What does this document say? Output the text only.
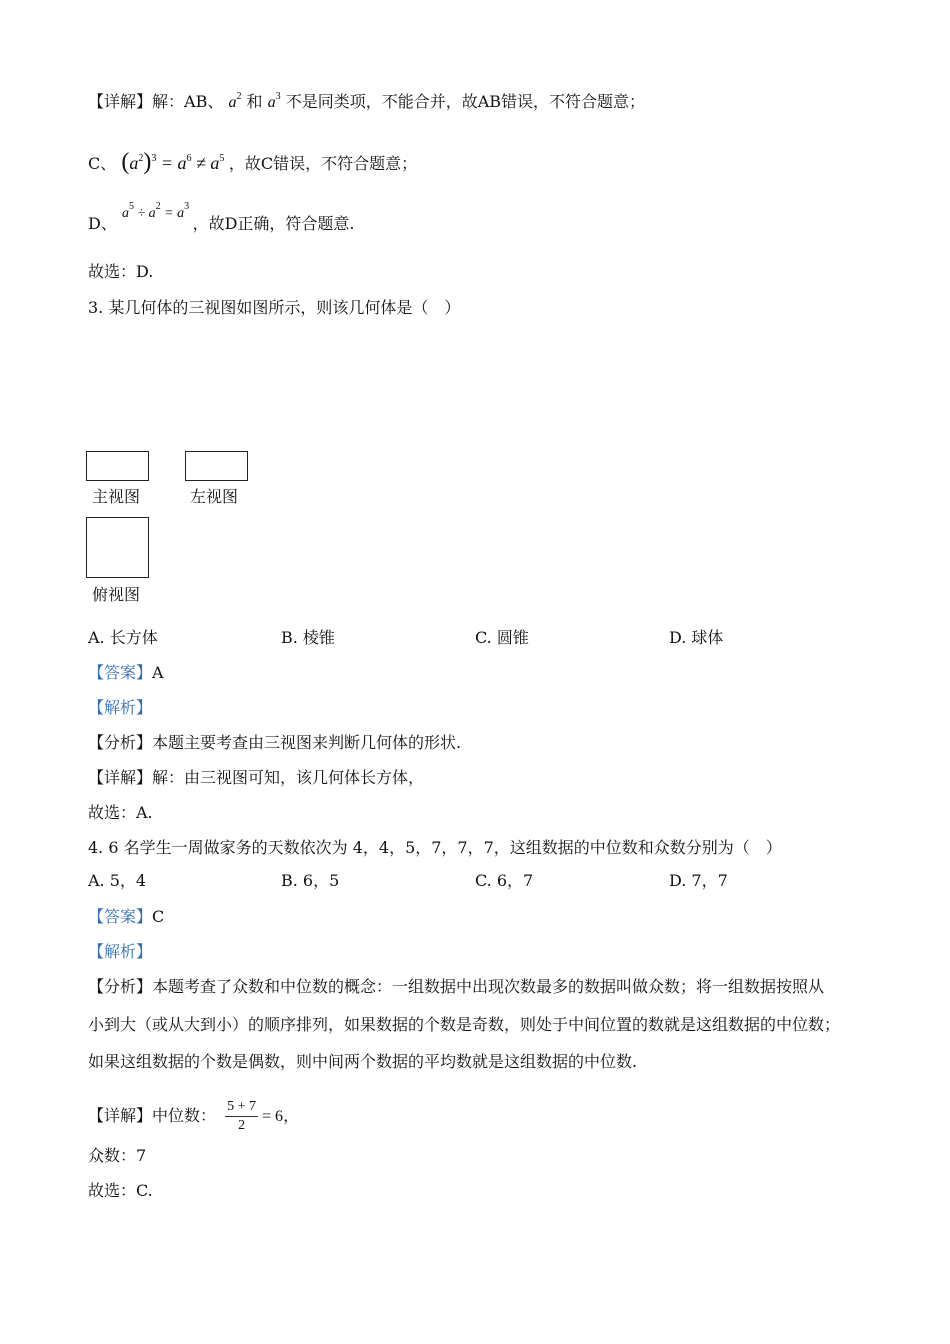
【详解】解：AB、 $a^2$ 和 $a^3$ 不是同类项，不能合并，故AB错误，不符合题意；
C、 $(a^2)^3 = a^6 \ne a^5$ ，故C错误，不符合题意；
D、 $a^5 \div a^2 = a^3$ ，故D正确，符合题意.
故选：D.
3. 某几何体的三视图如图所示，则该几何体是（　）
主视图	左视图
俯视图
A. 长方体	B. 棱锥	C. 圆锥	D. 球体
【答案】A
【解析】
【分析】本题主要考查由三视图来判断几何体的形状.
【详解】解：由三视图可知，该几何体长方体，
故选：A.
4. 6 名学生一周做家务的天数依次为 4，4，5，7，7，7，这组数据的中位数和众数分别为（　）
A. 5，4	B. 6，5	C. 6，7	D. 7，7
【答案】C
【解析】
【分析】本题考查了众数和中位数的概念：一组数据中出现次数最多的数据叫做众数；将一组数据按照从
小到大（或从大到小）的顺序排列，如果数据的个数是奇数，则处于中间位置的数就是这组数据的中位数；
如果这组数据的个数是偶数，则中间两个数据的平均数就是这组数据的中位数.
【详解】中位数： $\frac{5 + 7}{2} = 6$，
众数：7
故选：C.
